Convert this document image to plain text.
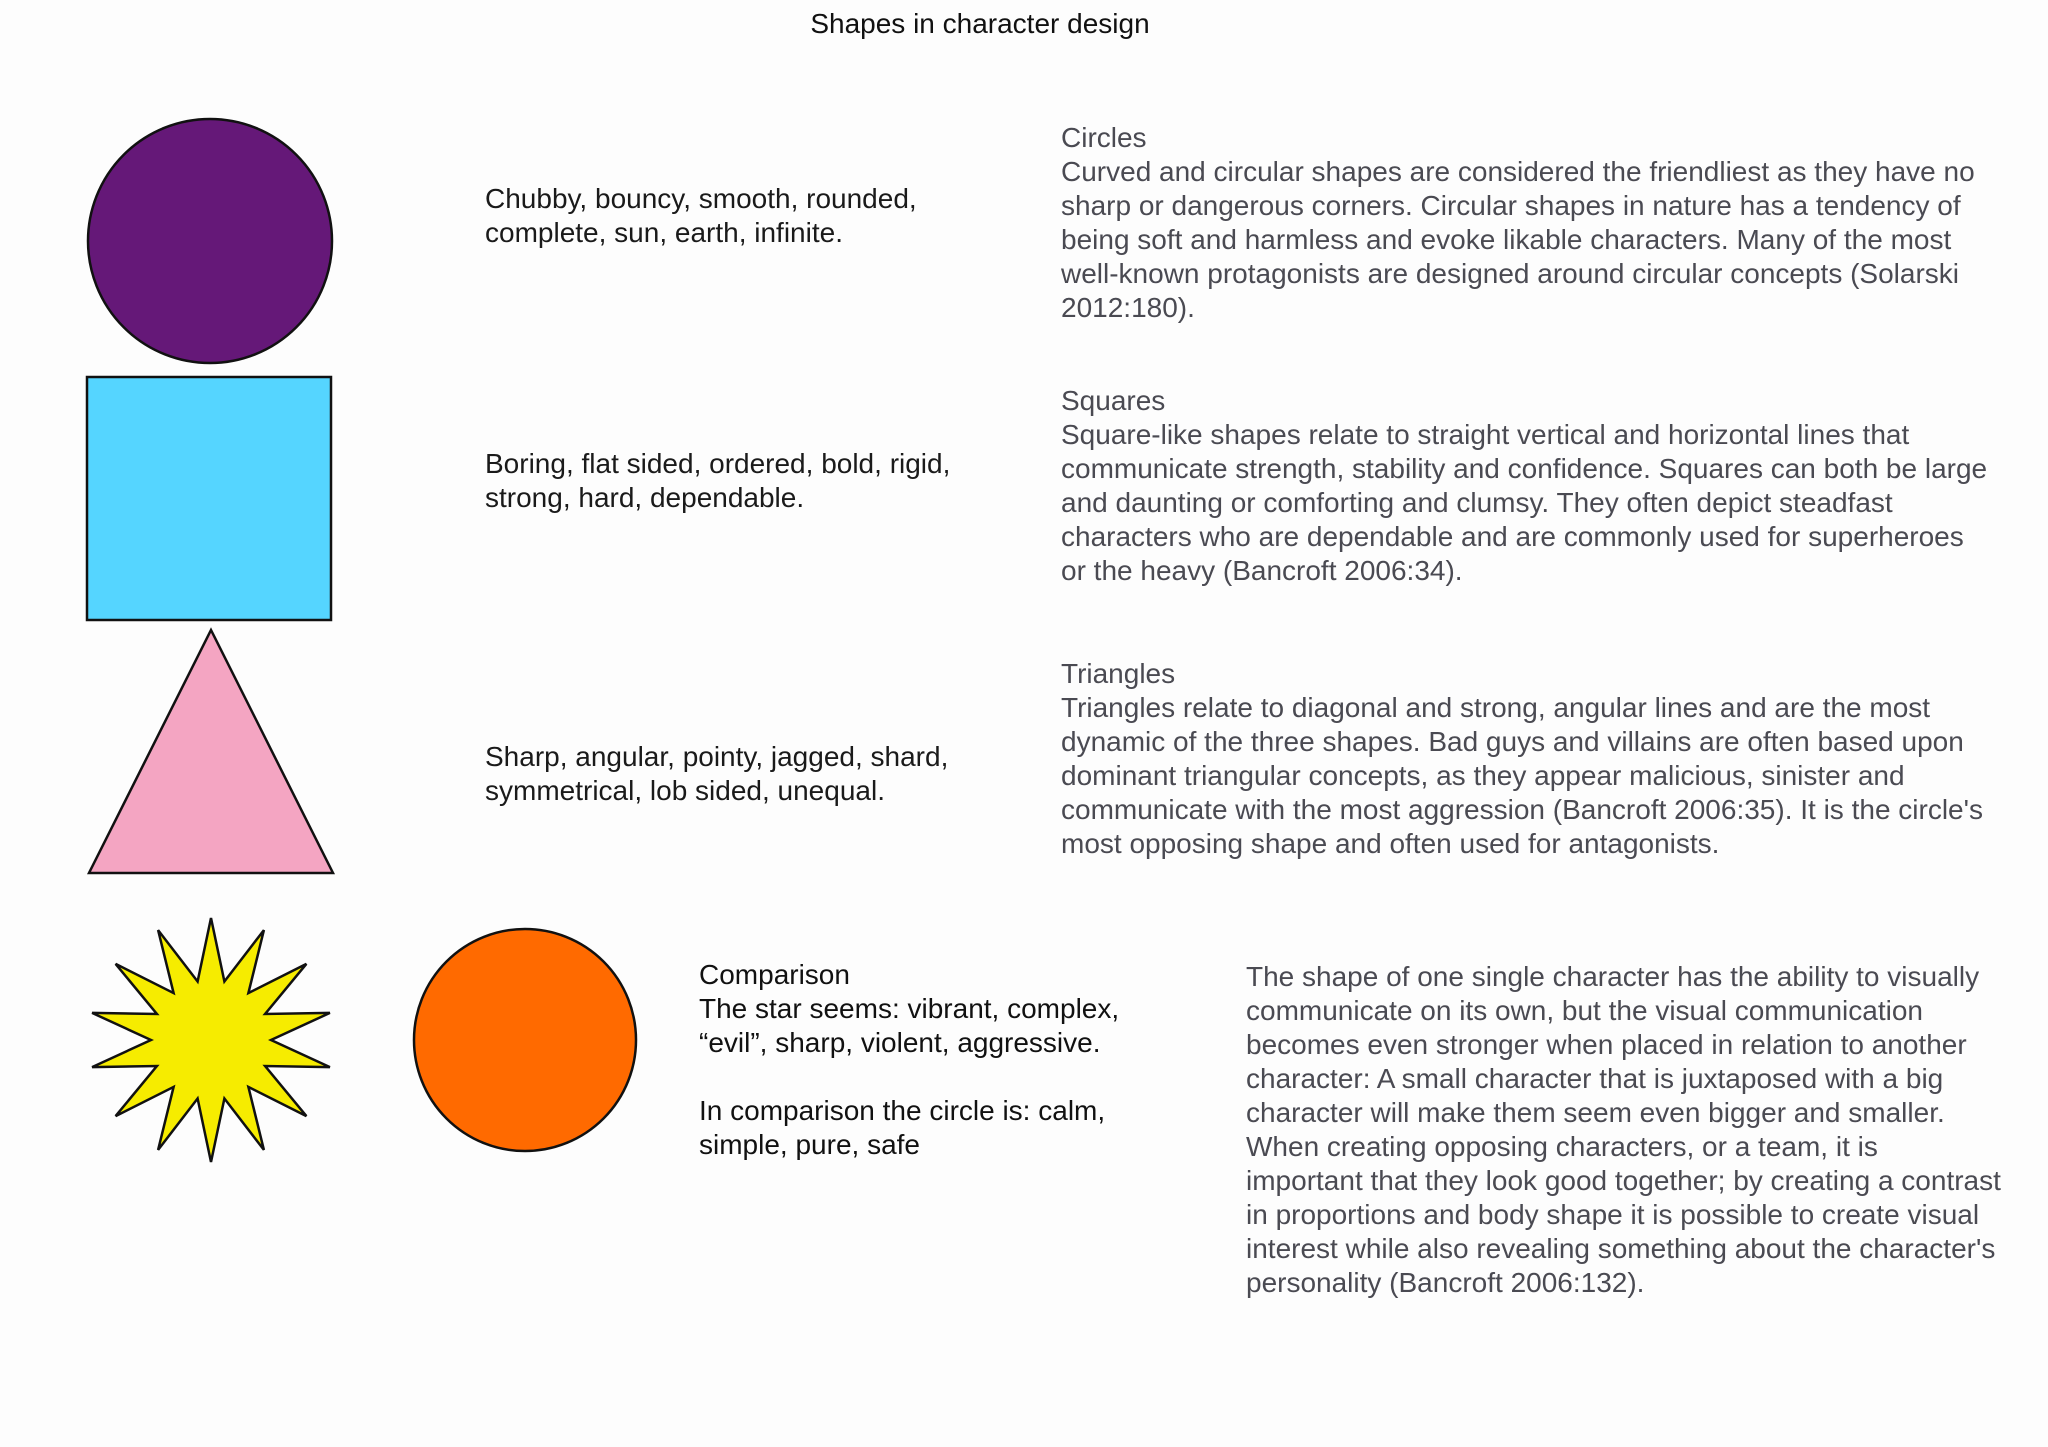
Shapes in character design
Chubby, bouncy, smooth, rounded,
complete, sun, earth, infinite.
Circles
Curved and circular shapes are considered the friendliest as they have no
sharp or dangerous corners. Circular shapes in nature has a tendency of
being soft and harmless and evoke likable characters. Many of the most
well-known protagonists are designed around circular concepts (Solarski
2012:180).
Boring, flat sided, ordered, bold, rigid,
strong, hard, dependable.
Squares
Square-like shapes relate to straight vertical and horizontal lines that
communicate strength, stability and confidence. Squares can both be large
and daunting or comforting and clumsy. They often depict steadfast
characters who are dependable and are commonly used for superheroes
or the heavy (Bancroft 2006:34).
Sharp, angular, pointy, jagged, shard,
symmetrical, lob sided, unequal.
Triangles
Triangles relate to diagonal and strong, angular lines and are the most
dynamic of the three shapes. Bad guys and villains are often based upon
dominant triangular concepts, as they appear malicious, sinister and
communicate with the most aggression (Bancroft 2006:35). It is the circle's
most opposing shape and often used for antagonists.
Comparison
The star seems: vibrant, complex,
“evil”, sharp, violent, aggressive.
In comparison the circle is: calm,
simple, pure, safe
The shape of one single character has the ability to visually
communicate on its own, but the visual communication
becomes even stronger when placed in relation to another
character: A small character that is juxtaposed with a big
character will make them seem even bigger and smaller.
When creating opposing characters, or a team, it is
important that they look good together; by creating a contrast
in proportions and body shape it is possible to create visual
interest while also revealing something about the character's
personality (Bancroft 2006:132).
